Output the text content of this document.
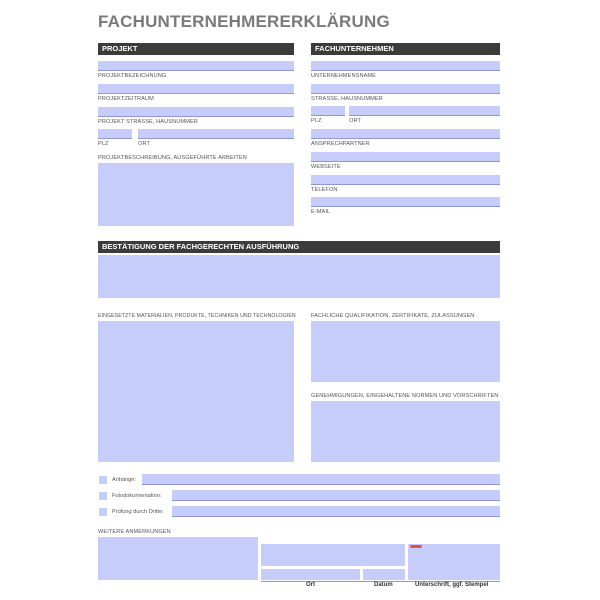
FACHUNTERNEHMERERKLÄRUNG
PROJEKT
PROJEKTBEZEICHNUNG
PROJEKTZEITRAUM
PROJEKT STRASSE, HAUSNUMMER
PLZ	ORT
PROJEKTBESCHREIBUNG, AUSGEFÜHRTE ARBEITEN
FACHUNTERNEHMEN
UNTERNEHMENSNAME
STRASSE, HAUSNUMMER
PLZ	ORT
ANSPRECHPARTNER
WEBSEITE
TELEFON
E-MAIL
BESTÄTIGUNG DER FACHGERECHTEN AUSFÜHRUNG
EINGESETZTE MATERIALIEN, PRODUKTE, TECHNIKEN UND TECHNOLOGIEN	FACHLICHE QUALIFIKATION, ZERTIFIKATE, ZULASSUNGEN
GENEHMIGUNGEN, EINGEHALTENE NORMEN UND VORSCHRIFTEN
Anhänge:
Fotodokumentation:
Prüfung durch Dritte:
WEITERE ANMERKUNGEN
Ort	Datum	Unterschrift, ggf. Stempel
